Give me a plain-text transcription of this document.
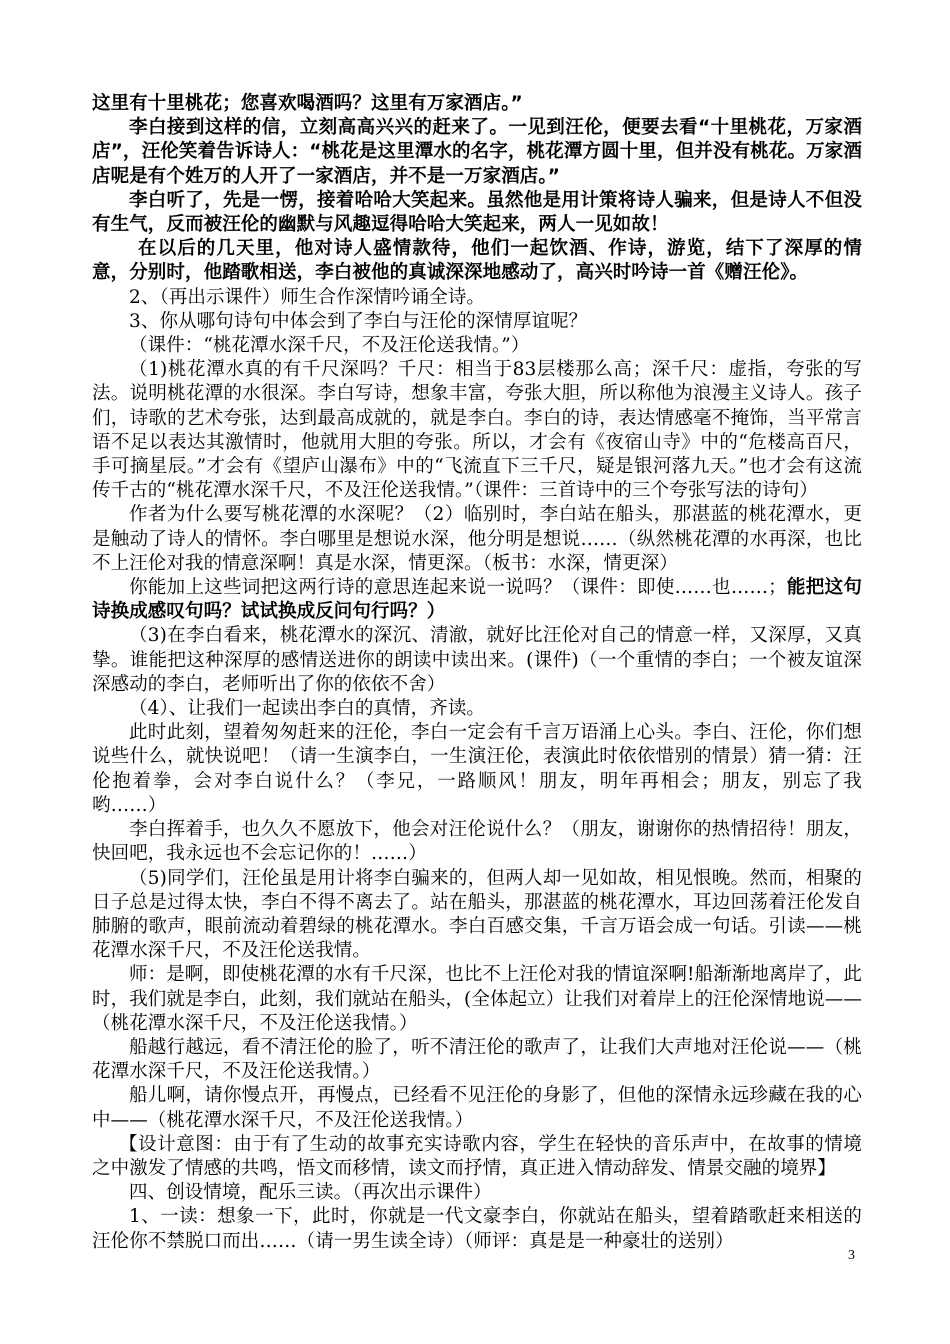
这里有十里桃花；您喜欢喝酒吗？这里有万家酒店。”

李白接到这样的信，立刻高高兴兴的赶来了。一见到汪伦，便要去看“十里桃花，万家酒店”，汪伦笑着告诉诗人：“桃花是这里潭水的名字，桃花潭方圆十里，但并没有桃花。万家酒店呢是有个姓万的人开了一家酒店，并不是一万家酒店。”

李白听了，先是一愣，接着哈哈大笑起来。虽然他是用计策将诗人骗来，但是诗人不但没有生气，反而被汪伦的幽默与风趣逗得哈哈大笑起来，两人一见如故！

在以后的几天里，他对诗人盛情款待，他们一起饮酒、作诗，游览，结下了深厚的情意，分别时，他踏歌相送，李白被他的真诚深深地感动了，高兴时吟诗一首《赠汪伦》。

2、（再出示课件）师生合作深情吟诵全诗。

3、你从哪句诗句中体会到了李白与汪伦的深情厚谊呢？

（课件：“桃花潭水深千尺，不及汪伦送我情。”）

（1)桃花潭水真的有千尺深吗？千尺：相当于83层楼那么高；深千尺：虚指，夸张的写法。说明桃花潭的水很深。李白写诗，想象丰富，夸张大胆，所以称他为浪漫主义诗人。孩子们，诗歌的艺术夸张，达到最高成就的，就是李白。李白的诗，表达情感毫不掩饰，当平常言语不足以表达其激情时，他就用大胆的夸张。所以，才会有《夜宿山寺》中的“危楼高百尺，手可摘星辰。”才会有《望庐山瀑布》中的“飞流直下三千尺，疑是银河落九天。”也才会有这流传千古的“桃花潭水深千尺，不及汪伦送我情。”（课件：三首诗中的三个夸张写法的诗句）

作者为什么要写桃花潭的水深呢？（2）临别时，李白站在船头，那湛蓝的桃花潭水，更是触动了诗人的情怀。李白哪里是想说水深，他分明是想说……（纵然桃花潭的水再深，也比不上汪伦对我的情意深啊！真是水深，情更深。（板书：水深，情更深）

你能加上这些词把这两行诗的意思连起来说一说吗？（课件：即使……也……；能把这句诗换成感叹句吗？试试换成反问句行吗？）

（3)在李白看来，桃花潭水的深沉、清澈，就好比汪伦对自己的情意一样，又深厚，又真挚。谁能把这种深厚的感情送进你的朗读中读出来。(课件)（一个重情的李白；一个被友谊深深感动的李白，老师听出了你的依依不舍）

（4）、让我们一起读出李白的真情，齐读。

此时此刻，望着匆匆赶来的汪伦，李白一定会有千言万语涌上心头。李白、汪伦，你们想说些什么，就快说吧！（请一生演李白，一生演汪伦，表演此时依依惜别的情景）猜一猜：汪伦抱着拳，会对李白说什么？（李兄，一路顺风！朋友，明年再相会；朋友，别忘了我哟……）

李白挥着手，也久久不愿放下，他会对汪伦说什么？（朋友，谢谢你的热情招待！朋友，快回吧，我永远也不会忘记你的！……）

（5)同学们，汪伦虽是用计将李白骗来的，但两人却一见如故，相见恨晚。然而，相聚的日子总是过得太快，李白不得不离去了。站在船头，那湛蓝的桃花潭水，耳边回荡着汪伦发自肺腑的歌声，眼前流动着碧绿的桃花潭水。李白百感交集，千言万语会成一句话。引读——桃花潭水深千尺，不及汪伦送我情。

师：是啊，即使桃花潭的水有千尺深，也比不上汪伦对我的情谊深啊!船渐渐地离岸了，此时，我们就是李白，此刻，我们就站在船头，(全体起立）让我们对着岸上的汪伦深情地说——（桃花潭水深千尺，不及汪伦送我情。）

船越行越远，看不清汪伦的脸了，听不清汪伦的歌声了，让我们大声地对汪伦说——（桃花潭水深千尺，不及汪伦送我情。）

船儿啊，请你慢点开，再慢点，已经看不见汪伦的身影了，但他的深情永远珍藏在我的心中——（桃花潭水深千尺，不及汪伦送我情。）

【设计意图：由于有了生动的故事充实诗歌内容，学生在轻快的音乐声中，在故事的情境之中激发了情感的共鸣，悟文而移情，读文而抒情，真正进入情动辞发、情景交融的境界】

四、创设情境，配乐三读。（再次出示课件）

1、一读：想象一下，此时，你就是一代文豪李白，你就站在船头，望着踏歌赶来相送的汪伦你不禁脱口而出……（请一男生读全诗）（师评：真是是一种豪壮的送别）

3
